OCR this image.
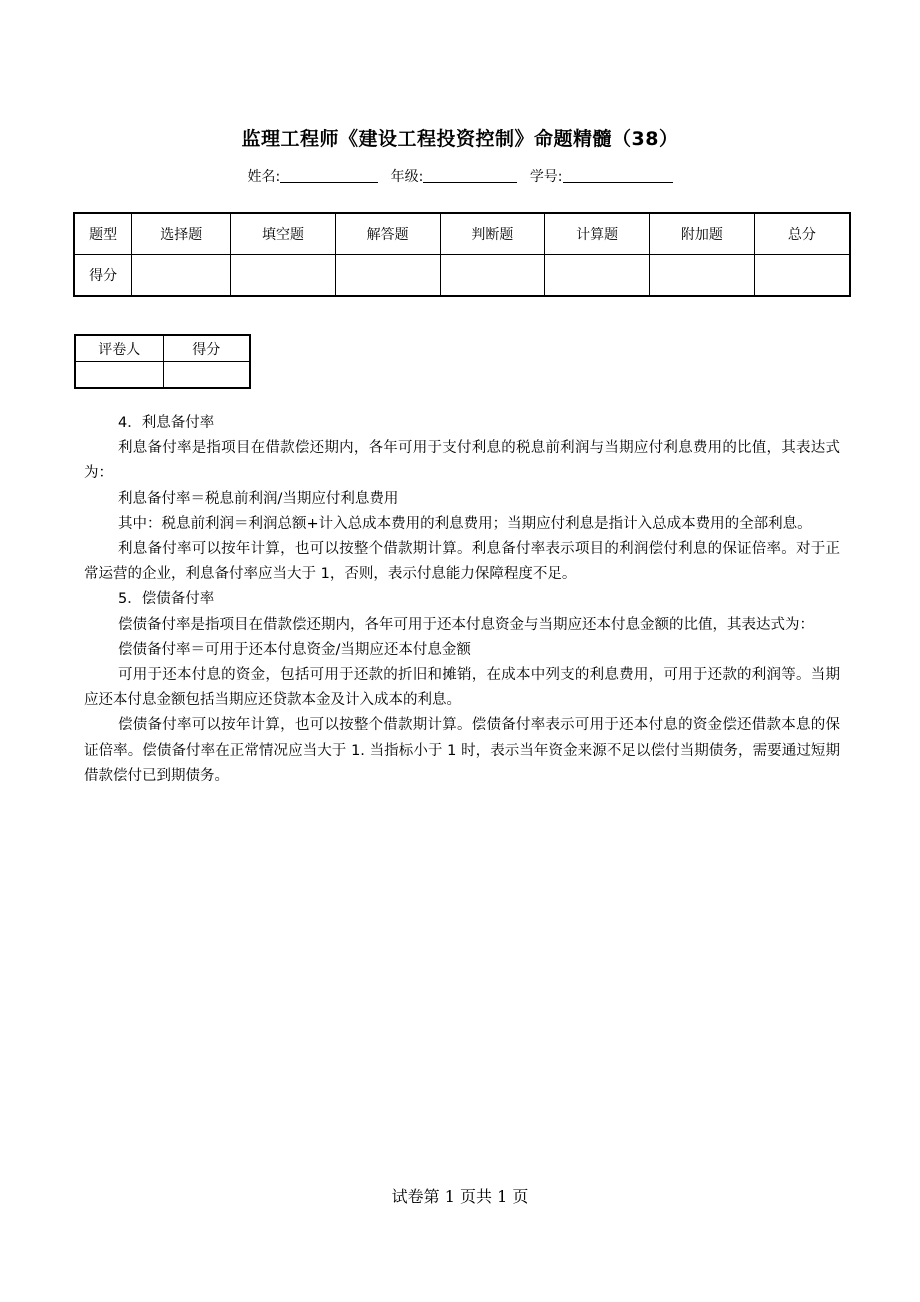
监理工程师《建设工程投资控制》命题精髓（38）
姓名:	年级:	学号:
题型	选择题	填空题	解答题	判断题	计算题	附加题	总分
得分							
评卷人	得分

4．利息备付率

利息备付率是指项目在借款偿还期内，各年可用于支付利息的税息前利润与当期应付利息费用的比值，其表达式为：

利息备付率＝税息前利润/当期应付利息费用

其中：税息前利润＝利润总额+计入总成本费用的利息费用；当期应付利息是指计入总成本费用的全部利息。

利息备付率可以按年计算，也可以按整个借款期计算。利息备付率表示项目的利润偿付利息的保证倍率。对于正常运营的企业，利息备付率应当大于 1，否则，表示付息能力保障程度不足。

5．偿债备付率

偿债备付率是指项目在借款偿还期内，各年可用于还本付息资金与当期应还本付息金额的比值，其表达式为：

偿债备付率＝可用于还本付息资金/当期应还本付息金额

可用于还本付息的资金，包括可用于还款的折旧和摊销，在成本中列支的利息费用，可用于还款的利润等。当期应还本付息金额包括当期应还贷款本金及计入成本的利息。

偿债备付率可以按年计算，也可以按整个借款期计算。偿债备付率表示可用于还本付息的资金偿还借款本息的保证倍率。偿债备付率在正常情况应当大于 1. 当指标小于 1 时，表示当年资金来源不足以偿付当期债务，需要通过短期借款偿付已到期债务。

试卷第 1 页共 1 页
